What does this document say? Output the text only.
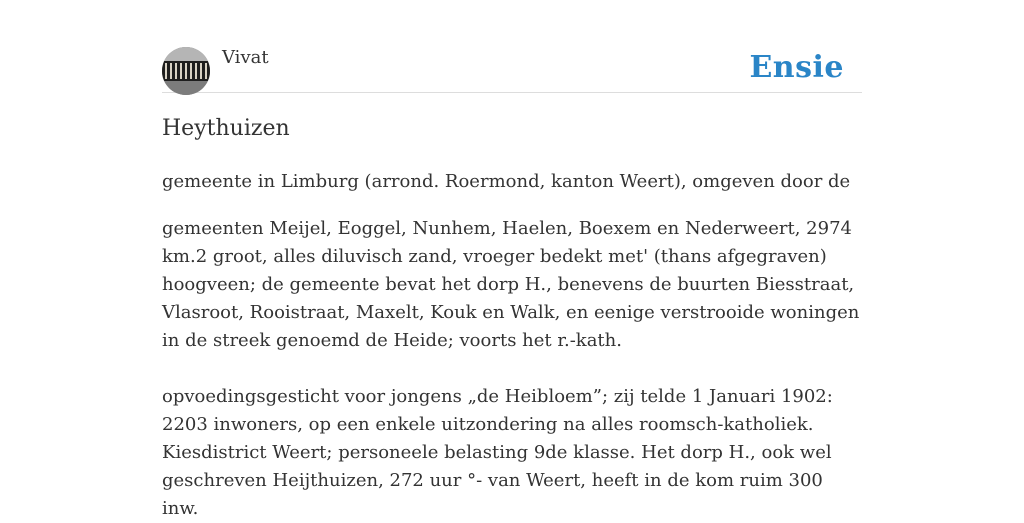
Vivat	Ensie
Heythuizen

gemeente in Limburg (arrond. Roermond, kanton Weert), omgeven door de

gemeenten Meijel, Eoggel, Nunhem, Haelen, Boexem en Nederweert, 2974 km.2 groot, alles diluvisch zand, vroeger bedekt met' (thans afgegraven) hoogveen; de gemeente bevat het dorp H., benevens de buurten Biesstraat, Vlasroot, Rooistraat, Maxelt, Kouk en Walk, en eenige verstrooide woningen in de streek genoemd de Heide; voorts het r.-kath.

opvoedingsgesticht voor jongens „de Heibloem”; zij telde 1 Januari 1902: 2203 inwoners, op een enkele uitzondering na alles roomsch-katholiek. Kiesdistrict Weert; personeele belasting 9de klasse. Het dorp H., ook wel geschreven Heijthuizen, 272 uur °- van Weert, heeft in de kom ruim 300 inw.
